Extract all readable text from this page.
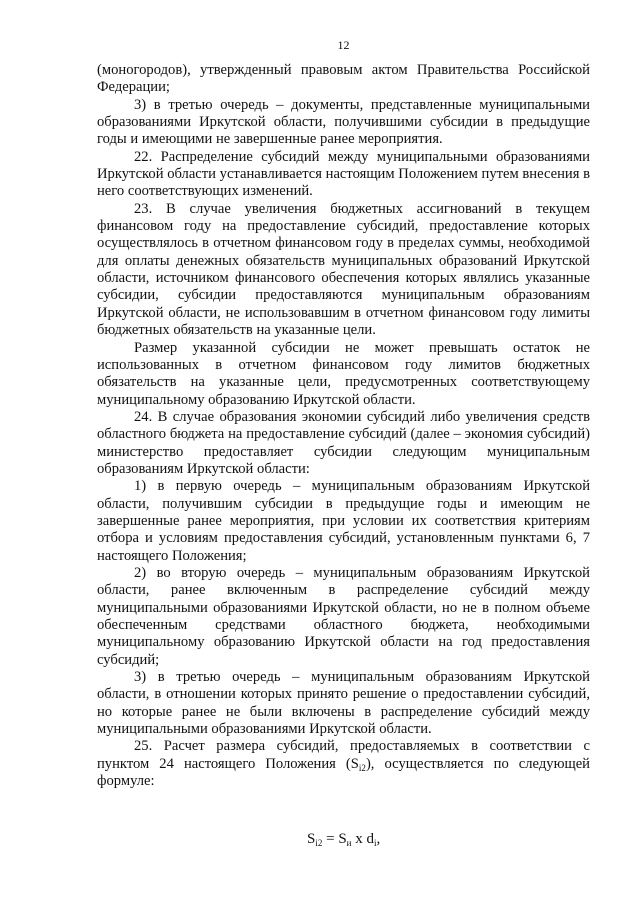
12

(моногородов), утвержденный правовым актом Правительства Российской Федерации;

3) в третью очередь – документы, представленные муниципальными образованиями Иркутской области, получившими субсидии в предыдущие годы и имеющими не завершенные ранее мероприятия.

22. Распределение субсидий между муниципальными образованиями Иркутской области устанавливается настоящим Положением путем внесения в него соответствующих изменений.

23. В случае увеличения бюджетных ассигнований в текущем финансовом году на предоставление субсидий, предоставление которых осуществлялось в отчетном финансовом году в пределах суммы, необходимой для оплаты денежных обязательств муниципальных образований Иркутской области, источником финансового обеспечения которых являлись указанные субсидии, субсидии предоставляются муниципальным образованиям Иркутской области, не использовавшим в отчетном финансовом году лимиты бюджетных обязательств на указанные цели.

Размер указанной субсидии не может превышать остаток не использованных в отчетном финансовом году лимитов бюджетных обязательств на указанные цели, предусмотренных соответствующему муниципальному образованию Иркутской области.

24. В случае образования экономии субсидий либо увеличения средств областного бюджета на предоставление субсидий (далее – экономия субсидий) министерство предоставляет субсидии следующим муниципальным образованиям Иркутской области:

1) в первую очередь – муниципальным образованиям Иркутской области, получившим субсидии в предыдущие годы и имеющим не завершенные ранее мероприятия, при условии их соответствия критериям отбора и условиям предоставления субсидий, установленным пунктами 6, 7 настоящего Положения;

2) во вторую очередь – муниципальным образованиям Иркутской области, ранее включенным в распределение субсидий между муниципальными образованиями Иркутской области, но не в полном объеме обеспеченным средствами областного бюджета, необходимыми муниципальному образованию Иркутской области на год предоставления субсидий;

3) в третью очередь – муниципальным образованиям Иркутской области, в отношении которых принято решение о предоставлении субсидий, но которые ранее не были включены в распределение субсидий между муниципальными образованиями Иркутской области.

25. Расчет размера субсидий, предоставляемых в соответствии с пунктом 24 настоящего Положения $(S_{i2})$, осуществляется по следующей формуле:

$S_{i2} = S_и$ x $d_i$,
